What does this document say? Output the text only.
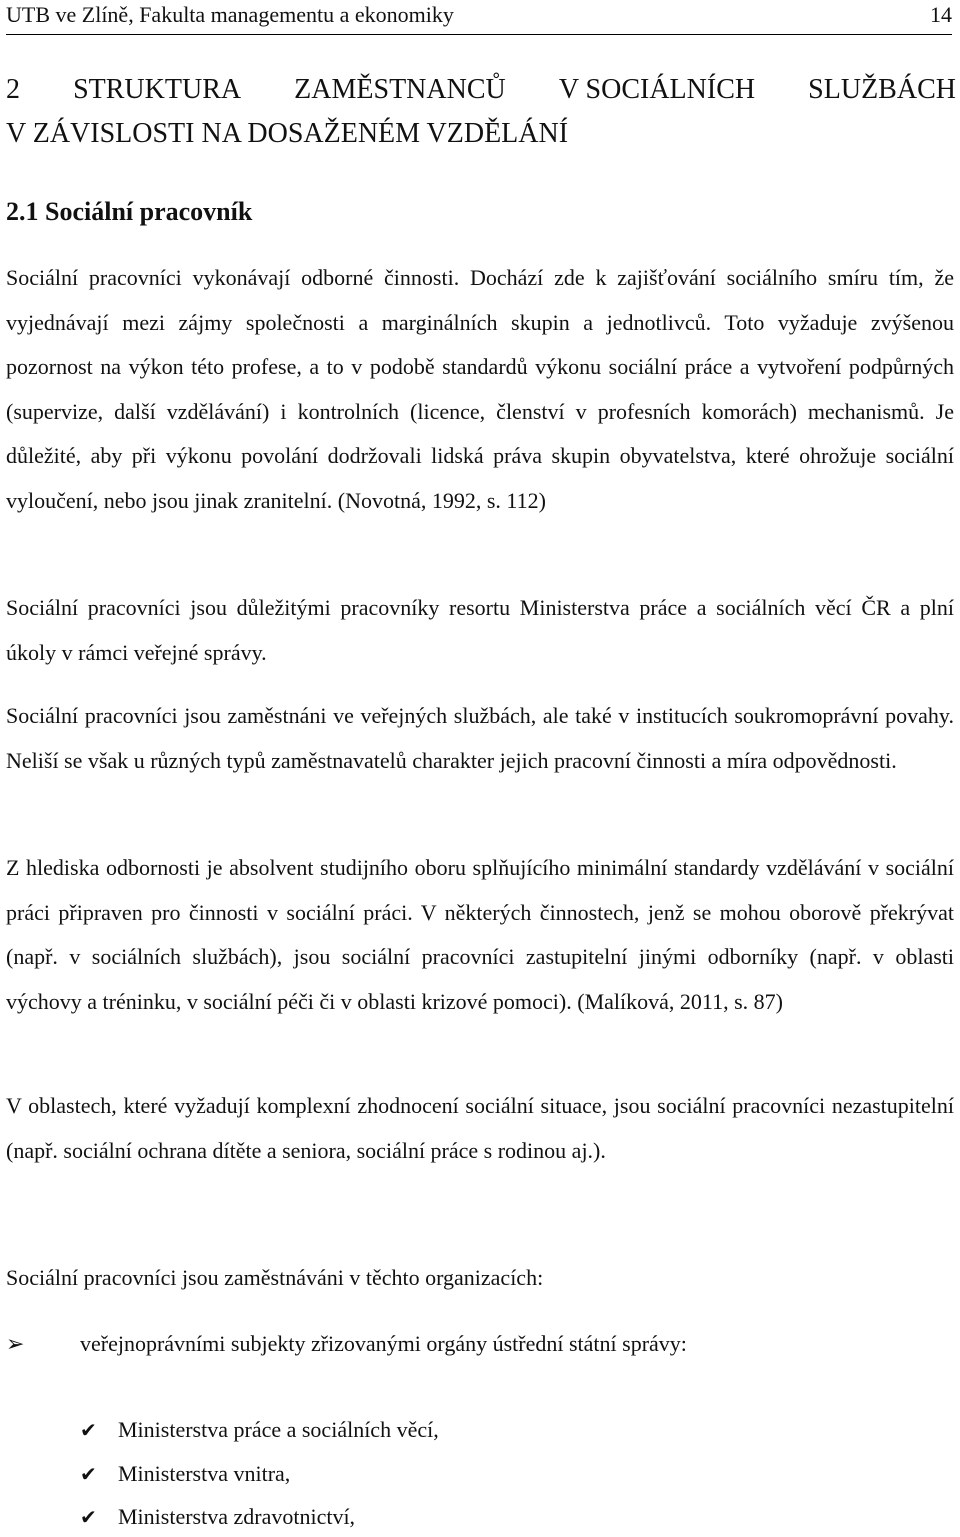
UTB ve Zlíně, Fakulta managementu a ekonomiky	14
2 STRUKTURA ZAMĚSTNANCŮ V SOCIÁLNÍCH SLUŽBÁCH
V ZÁVISLOSTI NA DOSAŽENÉM VZDĚLÁNÍ
2.1 Sociální pracovník

Sociální pracovníci vykonávají odborné činnosti. Dochází zde k zajišťování sociálního smíru tím, že vyjednávají mezi zájmy společnosti a marginálních skupin a jednotlivců. Toto vyžaduje zvýšenou pozornost na výkon této profese, a to v podobě standardů výkonu sociální práce a vytvoření podpůrných (supervize, další vzdělávání) i kontrolních (licence, členství v profesních komorách) mechanismů. Je důležité, aby při výkonu povolání dodržovali lidská práva skupin obyvatelstva, které ohrožuje sociální vyloučení, nebo jsou jinak zranitelní. (Novotná, 1992, s. 112)

Sociální pracovníci jsou důležitými pracovníky resortu Ministerstva práce a sociálních věcí ČR a plní úkoly v rámci veřejné správy.

Sociální pracovníci jsou zaměstnáni ve veřejných službách, ale také v institucích soukromoprávní povahy. Neliší se však u různých typů zaměstnavatelů charakter jejich pracovní činnosti a míra odpovědnosti.

Z hlediska odbornosti je absolvent studijního oboru splňujícího minimální standardy vzdělávání v sociální práci připraven pro činnosti v sociální práci. V některých činnostech, jenž se mohou oborově překrývat (např. v sociálních službách), jsou sociální pracovníci zastupitelní jinými odborníky (např. v oblasti výchovy a tréninku, v sociální péči či v oblasti krizové pomoci). (Malíková, 2011, s. 87)

V oblastech, které vyžadují komplexní zhodnocení sociální situace, jsou sociální pracovníci nezastupitelní (např. sociální ochrana dítěte a seniora, sociální práce s rodinou aj.).

Sociální pracovníci jsou zaměstnáváni v těchto organizacích:

➢	veřejnoprávními subjekty zřizovanými orgány ústřední státní správy:
✔ Ministerstva práce a sociálních věcí,
✔ Ministerstva vnitra,
✔ Ministerstva zdravotnictví,
